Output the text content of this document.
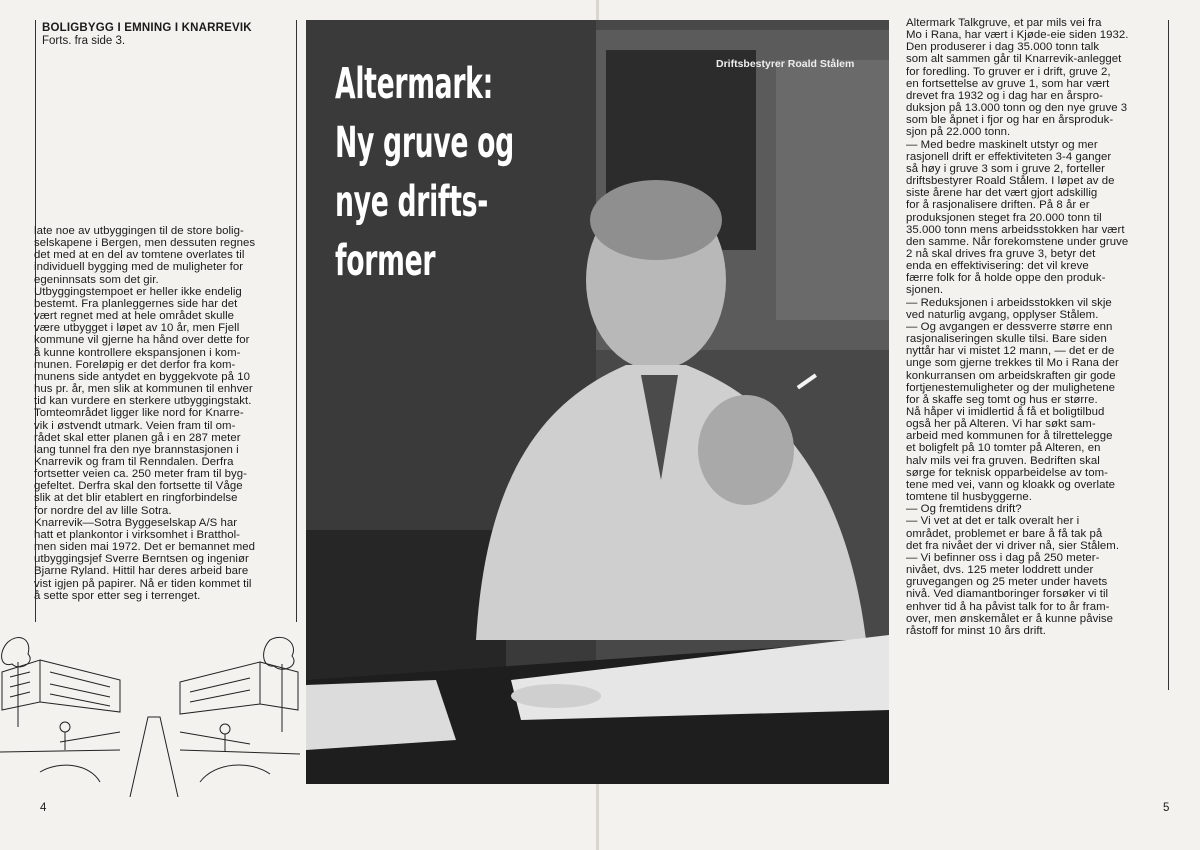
BOLIGBYGG I EMNING I KNARREVIK
Forts. fra side 3.
late noe av utbyggingen til de store bolig-
selskapene i Bergen, men dessuten regnes
det med at en del av tomtene overlates til
individuell bygging med de muligheter for
egeninnsats som det gir.
Utbyggingstempoet er heller ikke endelig
bestemt. Fra planleggernes side har det
vært regnet med at hele området skulle
være utbygget i løpet av 10 år, men Fjell
kommune vil gjerne ha hånd over dette for
å kunne kontrollere ekspansjonen i kom-
munen. Foreløpig er det derfor fra kom-
munens side antydet en byggekvote på 10
hus pr. år, men slik at kommunen til enhver
tid kan vurdere en sterkere utbyggingstakt.
Tomteområdet ligger like nord for Knarre-
vik i østvendt utmark. Veien fram til om-
rådet skal etter planen gå i en 287 meter
lang tunnel fra den nye brannstasjonen i
Knarrevik og fram til Renndalen. Derfra
fortsetter veien ca. 250 meter fram til byg-
gefeltet. Derfra skal den fortsette til Våge
slik at det blir etablert en ringforbindelse
for nordre del av lille Sotra.
Knarrevik—Sotra Byggeselskap A/S har
hatt et plankontor i virksomhet i Bratthol-
men siden mai 1972. Det er bemannet med
utbyggingsjef Sverre Berntsen og ingeniør
Bjarne Ryland. Hittil har deres arbeid bare
vist igjen på papirer. Nå er tiden kommet til
å sette spor etter seg i terrenget.
4
Altermark:
Ny gruve og
nye drifts-
former
Driftsbestyrer Roald Stålem
Altermark Talkgruve, et par mils vei fra
Mo i Rana, har vært i Kjøde-eie siden 1932.
Den produserer i dag 35.000 tonn talk
som alt sammen går til Knarrevik-anlegget
for foredling. To gruver er i drift, gruve 2,
en fortsettelse av gruve 1, som har vært
drevet fra 1932 og i dag har en årspro-
duksjon på 13.000 tonn og den nye gruve 3
som ble åpnet i fjor og har en årsproduk-
sjon på 22.000 tonn.
— Med bedre maskinelt utstyr og mer
rasjonell drift er effektiviteten 3-4 ganger
så høy i gruve 3 som i gruve 2, forteller
driftsbestyrer Roald Stålem. I løpet av de
siste årene har det vært gjort adskillig
for å rasjonalisere driften. På 8 år er
produksjonen steget fra 20.000 tonn til
35.000 tonn mens arbeidsstokken har vært
den samme. Når forekomstene under gruve
2 nå skal drives fra gruve 3, betyr det
enda en effektivisering: det vil kreve
færre folk for å holde oppe den produk-
sjonen.
— Reduksjonen i arbeidsstokken vil skje
ved naturlig avgang, opplyser Stålem.
— Og avgangen er dessverre større enn
rasjonaliseringen skulle tilsi. Bare siden
nyttår har vi mistet 12 mann, — det er de
unge som gjerne trekkes til Mo i Rana der
konkurransen om arbeidskraften gir gode
fortjenestemuligheter og der mulighetene
for å skaffe seg tomt og hus er større.
Nå håper vi imidlertid å få et boligtilbud
også her på Alteren. Vi har søkt sam-
arbeid med kommunen for å tilrettelegge
et boligfelt på 10 tomter på Alteren, en
halv mils vei fra gruven. Bedriften skal
sørge for teknisk opparbeidelse av tom-
tene med vei, vann og kloakk og overlate
tomtene til husbyggerne.
— Og fremtidens drift?
— Vi vet at det er talk overalt her i
området, problemet er bare å få tak på
det fra nivået der vi driver nå, sier Stålem.
— Vi befinner oss i dag på 250 meter-
nivået, dvs. 125 meter loddrett under
gruvegangen og 25 meter under havets
nivå. Ved diamantboringer forsøker vi til
enhver tid å ha påvist talk for to år fram-
over, men ønskemålet er å kunne påvise
råstoff for minst 10 års drift.
5
